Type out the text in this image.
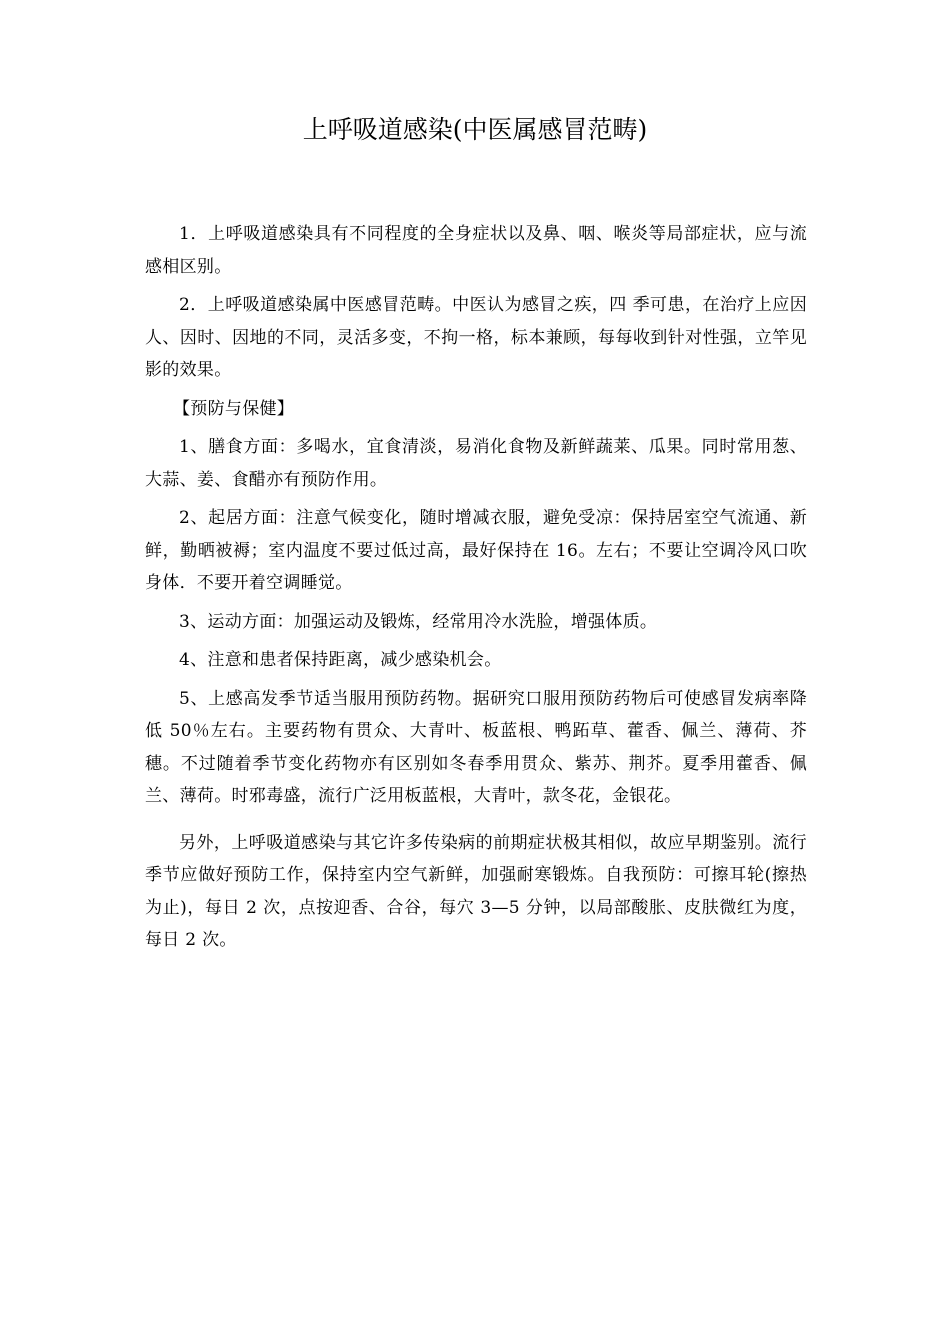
上呼吸道感染(中医属感冒范畴)

1．上呼吸道感染具有不同程度的全身症状以及鼻、咽、喉炎等局部症状，应与流感相区别。

2．上呼吸道感染属中医感冒范畴。中医认为感冒之疾，四 季可患，在治疗上应因人、因时、因地的不同，灵活多变，不拘一格，标本兼顾，每每收到针对性强，立竿见影的效果。

【预防与保健】

1、膳食方面：多喝水，宜食清淡，易消化食物及新鲜蔬莱、瓜果。同时常用葱、大蒜、姜、食醋亦有预防作用。

2、起居方面：注意气候变化，随时增减衣服，避免受凉：保持居室空气流通、新鲜，勤晒被褥；室内温度不要过低过高，最好保持在 16。左右；不要让空调冷风口吹身体．不要开着空调睡觉。

3、运动方面：加强运动及锻炼，经常用冷水洗脸，增强体质。

4、注意和患者保持距离，减少感染机会。

5、上感高发季节适当服用预防药物。据研究口服用预防药物后可使感冒发病率降低 50％左右。主要药物有贯众、大青叶、板蓝根、鸭跖草、藿香、佩兰、薄荷、芥穗。不过随着季节变化药物亦有区别如冬春季用贯众、紫苏、荆芥。夏季用藿香、佩兰、薄荷。时邪毒盛，流行广泛用板蓝根，大青叶，款冬花，金银花。

另外，上呼吸道感染与其它许多传染病的前期症状极其相似，故应早期鉴别。流行季节应做好预防工作，保持室内空气新鲜，加强耐寒锻炼。自我预防：可擦耳轮(擦热为止)，每日 2 次，点按迎香、合谷，每穴 3—5 分钟，以局部酸胀、皮肤微红为度，每日 2 次。
